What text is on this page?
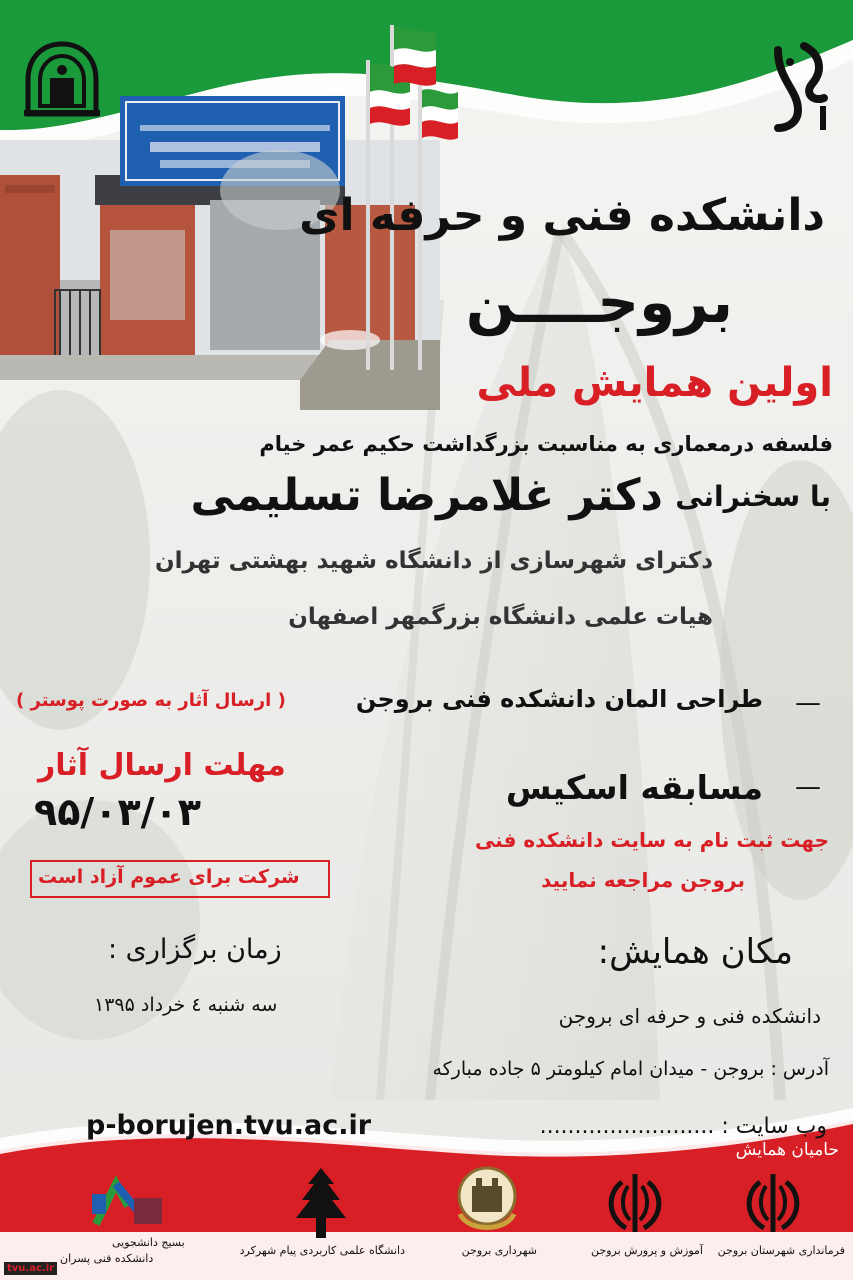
دانشکده فنی و حرفه ای
بروجــــن
اولین همایش ملی
فلسفه درمعماری به مناسبت بزرگداشت حکیم عمر خیام
با سخنرانی
دکتر غلامرضا تسلیمی
دکترای شهرسازی از دانشگاه شهید بهشتی تهران
هیات علمی دانشگاه بزرگمهر اصفهان
—
طراحی المان دانشکده فنی بروجن
( ارسال آثار به صورت پوستر )
—
مسابقه اسکیس
جهت ثبت نام به سایت دانشکده فنی
بروجن مراجعه نمایید
مهلت ارسال آثار
۹۵/۰۳/۰۳
شرکت برای عموم آزاد است
مکان همایش:
زمان برگزاری :
سه شنبه ٤ خرداد ۱۳۹۵	دانشکده فنی و حرفه ای بروجن
آدرس : بروجن - میدان امام کیلومتر ۵ جاده مبارکه
وب سایت : .........................
p-borujen.tvu.ac.ir
حامیان همایش
فرمانداری شهرستان بروجن
آموزش و پرورش بروجن
شهرداری بروجن
دانشگاه علمی کاربردی پیام شهرکرد
بسیج دانشجویی
دانشکده فنی پسران
tvu.ac.ir
